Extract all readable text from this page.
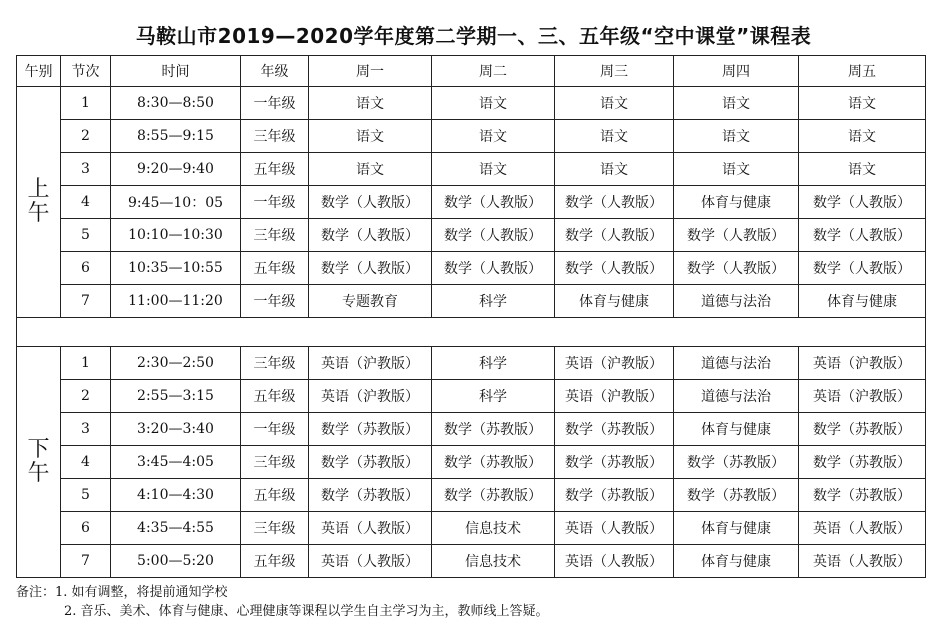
马鞍山市2019—2020学年度第二学期一、三、五年级“空中课堂”课程表
午别	节次	时间	年级	周一	周二	周三	周四	周五

上
午	1	8:30—8:50	一年级	语文	语文	语文	语文	语文
	2	8:55—9:15	三年级	语文	语文	语文	语文	语文
	3	9:20—9:40	五年级	语文	语文	语文	语文	语文
	4	9:45—10：05	一年级	数学（人教版）	数学（人教版）	数学（人教版）	体育与健康	数学（人教版）
	5	10:10—10:30	三年级	数学（人教版）	数学（人教版）	数学（人教版）	数学（人教版）	数学（人教版）
	6	10:35—10:55	五年级	数学（人教版）	数学（人教版）	数学（人教版）	数学（人教版）	数学（人教版）
	7	11:00—11:20	一年级	专题教育	科学	体育与健康	道德与法治	体育与健康

下
午	1	2:30—2:50	三年级	英语（沪教版）	科学	英语（沪教版）	道德与法治	英语（沪教版）
	2	2:55—3:15	五年级	英语（沪教版）	科学	英语（沪教版）	道德与法治	英语（沪教版）
	3	3:20—3:40	一年级	数学（苏教版）	数学（苏教版）	数学（苏教版）	体育与健康	数学（苏教版）
	4	3:45—4:05	三年级	数学（苏教版）	数学（苏教版）	数学（苏教版）	数学（苏教版）	数学（苏教版）
	5	4:10—4:30	五年级	数学（苏教版）	数学（苏教版）	数学（苏教版）	数学（苏教版）	数学（苏教版）
	6	4:35—4:55	三年级	英语（人教版）	信息技术	英语（人教版）	体育与健康	英语（人教版）
	7	5:00—5:20	五年级	英语（人教版）	信息技术	英语（人教版）	体育与健康	英语（人教版）
备注：1. 如有调整，将提前通知学校
2. 音乐、美术、体育与健康、心理健康等课程以学生自主学习为主，教师线上答疑。
